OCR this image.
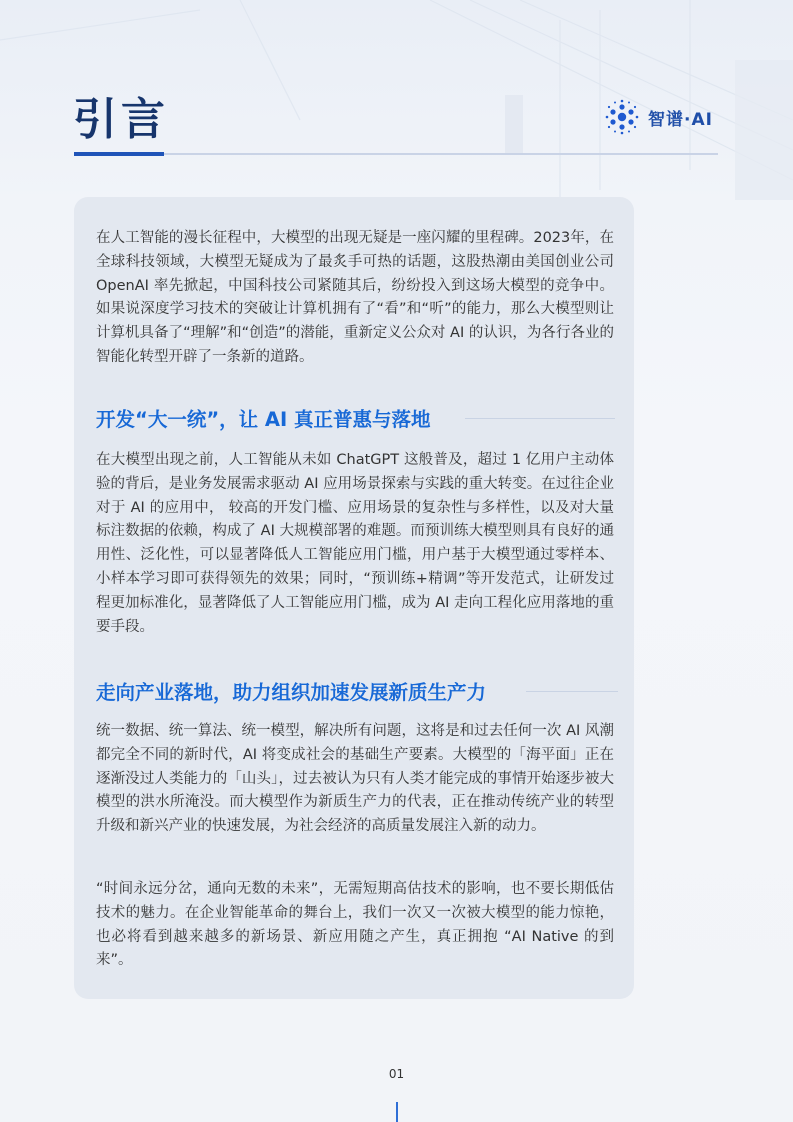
引言	智谱·AI

在人工智能的漫长征程中，大模型的出现无疑是一座闪耀的里程碑。2023年，在全球科技领域，大模型无疑成为了最炙手可热的话题，这股热潮由美国创业公司 OpenAI 率先掀起，中国科技公司紧随其后，纷纷投入到这场大模型的竞争中。如果说深度学习技术的突破让计算机拥有了“看”和“听”的能力，那么大模型则让计算机具备了“理解”和“创造”的潜能，重新定义公众对 AI 的认识，为各行各业的智能化转型开辟了一条新的道路。

开发“大一统”，让 AI 真正普惠与落地

在大模型出现之前，人工智能从未如 ChatGPT 这般普及，超过 1 亿用户主动体验的背后，是业务发展需求驱动 AI 应用场景探索与实践的重大转变。在过往企业对于 AI 的应用中， 较高的开发门槛、应用场景的复杂性与多样性，以及对大量标注数据的依赖，构成了 AI 大规模部署的难题。而预训练大模型则具有良好的通用性、泛化性，可以显著降低人工智能应用门槛，用户基于大模型通过零样本、小样本学习即可获得领先的效果；同时，“预训练+精调”等开发范式，让研发过程更加标准化，显著降低了人工智能应用门槛，成为 AI 走向工程化应用落地的重要手段。

走向产业落地，助力组织加速发展新质生产力

统一数据、统一算法、统一模型，解决所有问题，这将是和过去任何一次 AI 风潮都完全不同的新时代，AI 将变成社会的基础生产要素。大模型的「海平面」正在逐渐没过人类能力的「山头」，过去被认为只有人类才能完成的事情开始逐步被大模型的洪水所淹没。而大模型作为新质生产力的代表，正在推动传统产业的转型升级和新兴产业的快速发展，为社会经济的高质量发展注入新的动力。

“时间永远分岔，通向无数的未来”，无需短期高估技术的影响，也不要长期低估技术的魅力。在企业智能革命的舞台上，我们一次又一次被大模型的能力惊艳，也必将看到越来越多的新场景、新应用随之产生，真正拥抱 “AI Native 的到来”。

01
